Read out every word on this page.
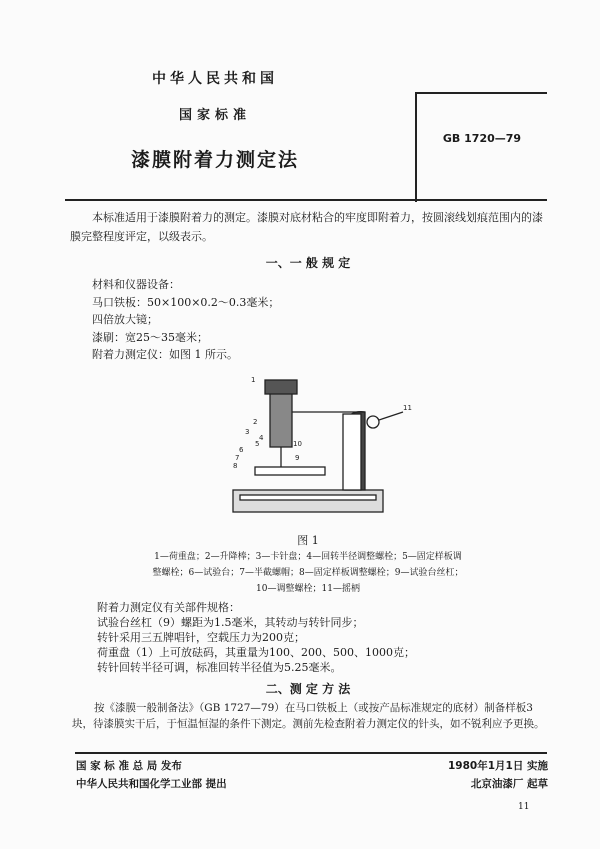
中华人民共和国
国家标准
漆膜附着力测定法
GB 1720—79
本标准适用于漆膜附着力的测定。漆膜对底材粘合的牢度即附着力，按圆滚线划痕范围内的漆膜完整程度评定，以级表示。
一、一 般 规 定
材料和仪器设备：
马口铁板：50×100×0.2～0.3毫米；
四倍放大镜；
漆刷：宽25～35毫米；
附着力测定仪：如图 1 所示。
1
2
3
4
5
6
7
8
9
10
11
图 1
1—荷重盘；2—升降棒；3—卡针盘；4—回转半径调整螺栓；5—固定样板调
整螺栓；6—试验台；7—半截螺帽；8—固定样板调整螺栓；9—试验台丝杠；
10—调整螺栓；11—摇柄
附着力测定仪有关部件规格：
试验台丝杠（9）螺距为1.5毫米，其转动与转针同步；
转针采用三五牌唱针，空载压力为200克；
荷重盘（1）上可放砝码，其重量为100、200、500、1000克；
转针回转半径可调，标准回转半径值为5.25毫米。
二、测 定 方 法
按《漆膜一般制备法》（GB 1727—79）在马口铁板上（或按产品标准规定的底材）制备样板3块，待漆膜实干后，于恒温恒湿的条件下测定。测前先检查附着力测定仪的针头，如不锐利应予更换。
国 家 标 准 总 局 发布
中华人民共和国化学工业部 提出
1980年1月1日 实施
北京油漆厂 起草
11
